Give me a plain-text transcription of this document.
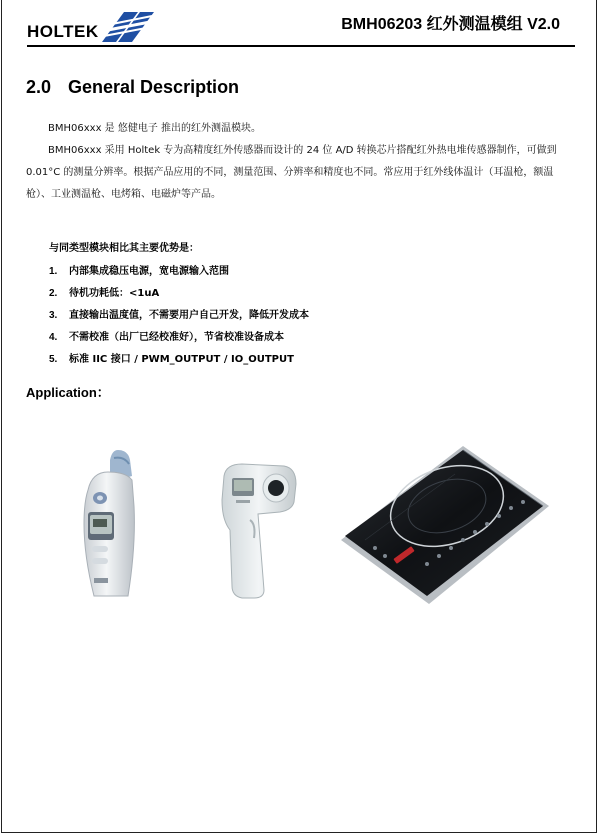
HOLTEK	BMH06203 红外测温模组 V2.0
2.0 General Description
BMH06xxx 是 悠健电子 推出的红外测温模块。
BMH06xxx 采用 Holtek 专为高精度红外传感器而设计的 24 位 A/D 转换芯片搭配红外热电堆传感器制作，可做到 0.01°C 的测量分辨率。根据产品应用的不同，测量范围、分辨率和精度也不同。常应用于红外线体温计（耳温枪，额温枪）、工业测温枪、电烤箱、电磁炉等产品。
与同类型模块相比其主要优势是：
1. 内部集成稳压电源，宽电源输入范围
2. 待机功耗低：<1uA
3. 直接输出温度值，不需要用户自己开发，降低开发成本
4. 不需校准（出厂已经校准好），节省校准设备成本
5. 标准 IIC 接口 / PWM_OUTPUT / IO_OUTPUT
Application：
